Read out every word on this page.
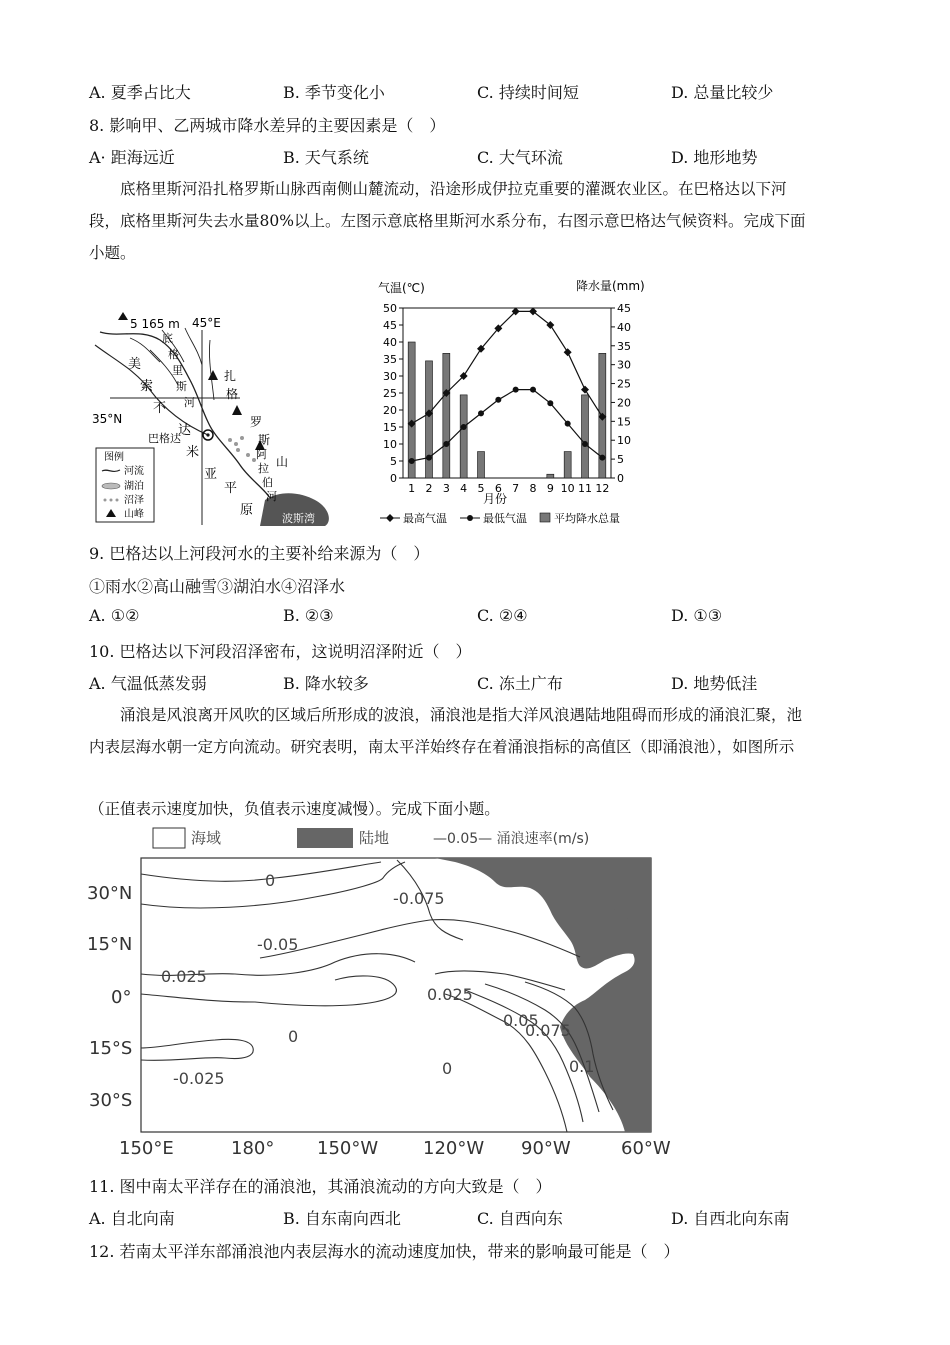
A. 夏季占比大	B. 季节变化小	C. 持续时间短	D. 总量比较少
8. 影响甲、乙两城市降水差异的主要因素是（　）
A· 距海远近	B. 天气系统	C. 大气环流	D. 地形地势
底格里斯河沿扎格罗斯山脉西南侧山麓流动，沿途形成伊拉克重要的灌溉农业区。在巴格达以下河
段，底格里斯河失去水量80%以上。左图示意底格里斯河水系分布，右图示意巴格达气候资料。完成下面
小题。
5 165 m 45°E
35°N
巴格达
波斯湾
美
索
不
达
米
亚
平
原
底
格
里
斯
河
扎
格
罗
斯
山
阿
拉
伯
河
图例
河流
湖泊
沼泽
山峰
气温(℃)	降水量(mm)
0
5
10
15
20
25
30
35
40
45
50
0
5
10
15
20
25
30
35
40
45
1 2 3 4 5 6 7 8 9 10 11 12
月份
最高气温	最低气温 平均降水总量
9. 巴格达以上河段河水的主要补给来源为（　）
①雨水②高山融雪③湖泊水④沼泽水
A. ①②	B. ②③	C. ②④	D. ①③
10. 巴格达以下河段沼泽密布，这说明沼泽附近（　）
A. 气温低蒸发弱	B. 降水较多	C. 冻土广布	D. 地势低洼
涌浪是风浪离开风吹的区域后所形成的波浪，涌浪池是指大洋风浪遇陆地阻碍而形成的涌浪汇聚，池
内表层海水朝一定方向流动。研究表明，南太平洋始终存在着涌浪指标的高值区（即涌浪池），如图所示
（正值表示速度加快，负值表示速度减慢）。完成下面小题。
海域	陆地	—0.05— 涌浪速率(m/s)
0
-0.075
-0.05
0.025
0.025
0.05
0.075
0
0.1
-0.025
0
30°N
15°N
0°
15°S
30°S
150°E	180° 150°W 120°W 90°W	60°W
11. 图中南太平洋存在的涌浪池，其涌浪流动的方向大致是（　）
A. 自北向南	B. 自东南向西北	C. 自西向东	D. 自西北向东南
12. 若南太平洋东部涌浪池内表层海水的流动速度加快，带来的影响最可能是（　）
